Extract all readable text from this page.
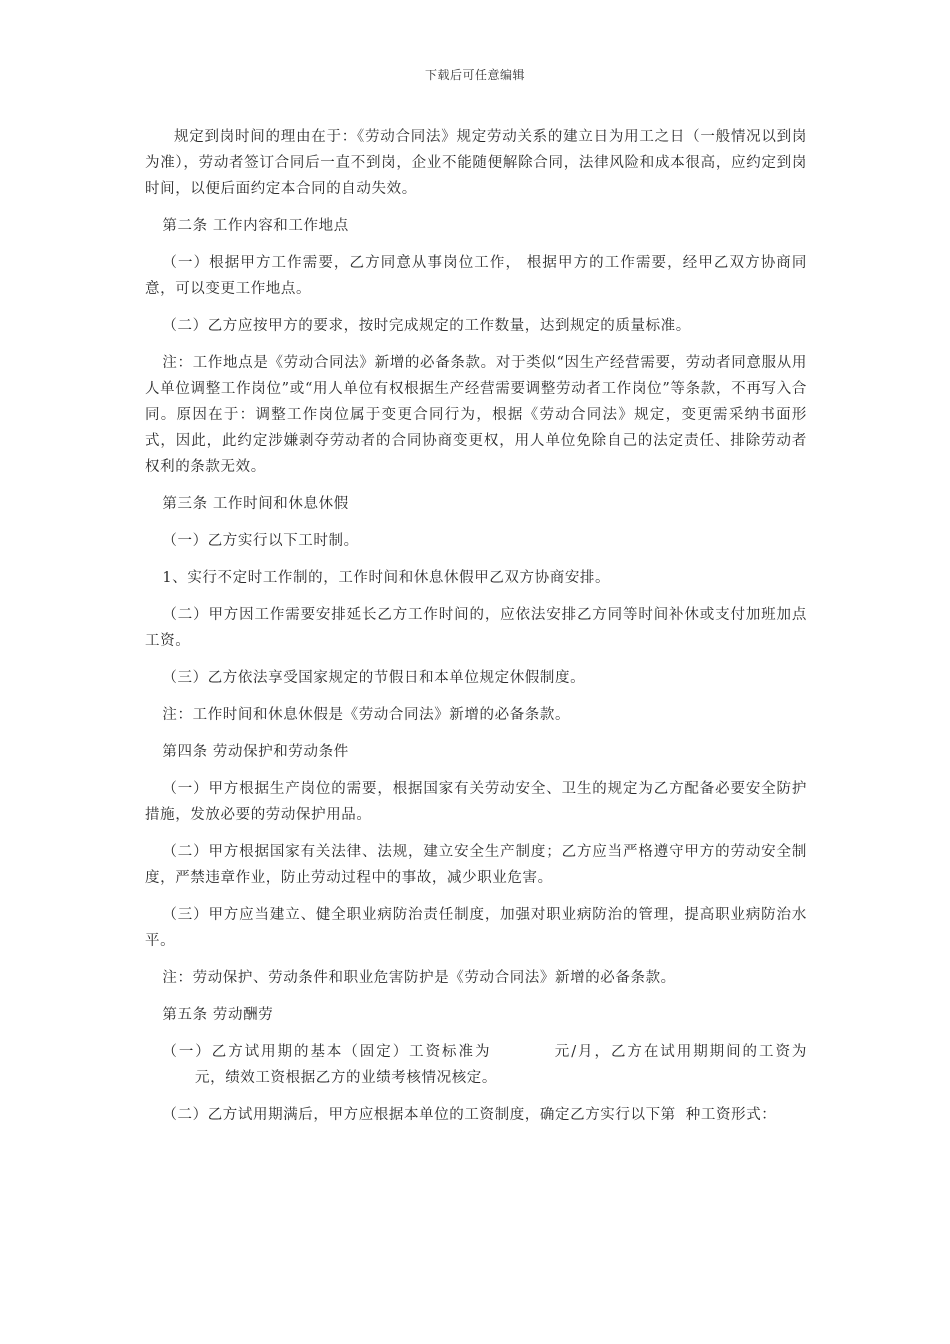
下载后可任意编辑

规定到岗时间的理由在于：《劳动合同法》规定劳动关系的建立日为用工之日（一般情况以到岗为准），劳动者签订合同后一直不到岗，企业不能随便解除合同，法律风险和成本很高，应约定到岗时间，以便后面约定本合同的自动失效。

第二条 工作内容和工作地点

（一）根据甲方工作需要，乙方同意从事岗位工作， 根据甲方的工作需要，经甲乙双方协商同意，可以变更工作地点。

（二）乙方应按甲方的要求，按时完成规定的工作数量，达到规定的质量标准。

注：工作地点是《劳动合同法》新增的必备条款。对于类似“因生产经营需要，劳动者同意服从用人单位调整工作岗位”或“用人单位有权根据生产经营需要调整劳动者工作岗位”等条款，不再写入合同。原因在于：调整工作岗位属于变更合同行为，根据《劳动合同法》规定，变更需采纳书面形式，因此，此约定涉嫌剥夺劳动者的合同协商变更权，用人单位免除自己的法定责任、排除劳动者权利的条款无效。

第三条 工作时间和休息休假

（一）乙方实行以下工时制。

1、实行不定时工作制的，工作时间和休息休假甲乙双方协商安排。

（二）甲方因工作需要安排延长乙方工作时间的，应依法安排乙方同等时间补休或支付加班加点工资。

（三）乙方依法享受国家规定的节假日和本单位规定休假制度。

注：工作时间和休息休假是《劳动合同法》新增的必备条款。

第四条 劳动保护和劳动条件

（一）甲方根据生产岗位的需要，根据国家有关劳动安全、卫生的规定为乙方配备必要安全防护措施，发放必要的劳动保护用品。

（二）甲方根据国家有关法律、法规，建立安全生产制度；乙方应当严格遵守甲方的劳动安全制度，严禁违章作业，防止劳动过程中的事故，减少职业危害。

（三）甲方应当建立、健全职业病防治责任制度，加强对职业病防治的管理，提高职业病防治水平。

注：劳动保护、劳动条件和职业危害防护是《劳动合同法》新增的必备条款。

第五条 劳动酬劳

（一）乙方试用期的基本（固定）工资标准为	元/月，乙方在试用期期间的工资为元，绩效工资根据乙方的业绩考核情况核定。

（二）乙方试用期满后，甲方应根据本单位的工资制度，确定乙方实行以下第 种工资形式：
